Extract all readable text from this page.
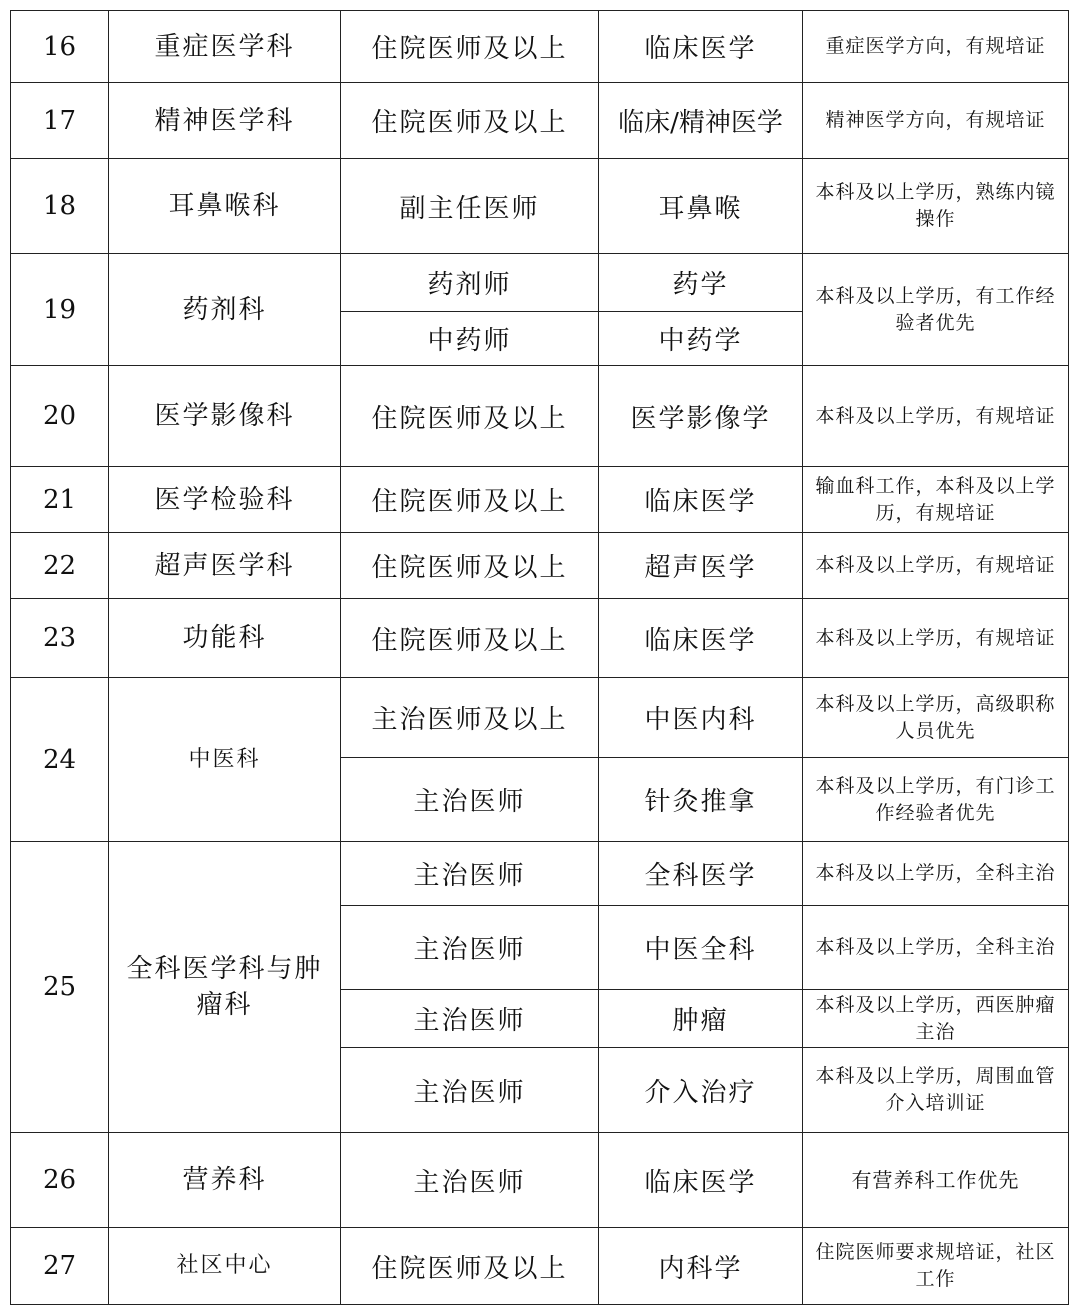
16	重症医学科	住院医师及以上	临床医学	重症医学方向，有规培证
17	精神医学科	住院医师及以上	临床/精神医学	精神医学方向，有规培证
18	耳鼻喉科	副主任医师	耳鼻喉	本科及以上学历，熟练内镜操作
19	药剂科	药剂师	药学	本科及以上学历，有工作经验者优先
		中药师	中药学	
20	医学影像科	住院医师及以上	医学影像学	本科及以上学历，有规培证
21	医学检验科	住院医师及以上	临床医学	输血科工作，本科及以上学历，有规培证
22	超声医学科	住院医师及以上	超声医学	本科及以上学历，有规培证
23	功能科	住院医师及以上	临床医学	本科及以上学历，有规培证
24	中医科	主治医师及以上	中医内科	本科及以上学历，高级职称人员优先
		主治医师	针灸推拿	本科及以上学历，有门诊工作经验者优先
25	全科医学科与肿瘤科	主治医师	全科医学	本科及以上学历，全科主治
		主治医师	中医全科	本科及以上学历，全科主治
		主治医师	肿瘤	本科及以上学历，西医肿瘤主治
		主治医师	介入治疗	本科及以上学历，周围血管介入培训证
26	营养科	主治医师	临床医学	有营养科工作优先
27	社区中心	住院医师及以上	内科学	住院医师要求规培证，社区工作
